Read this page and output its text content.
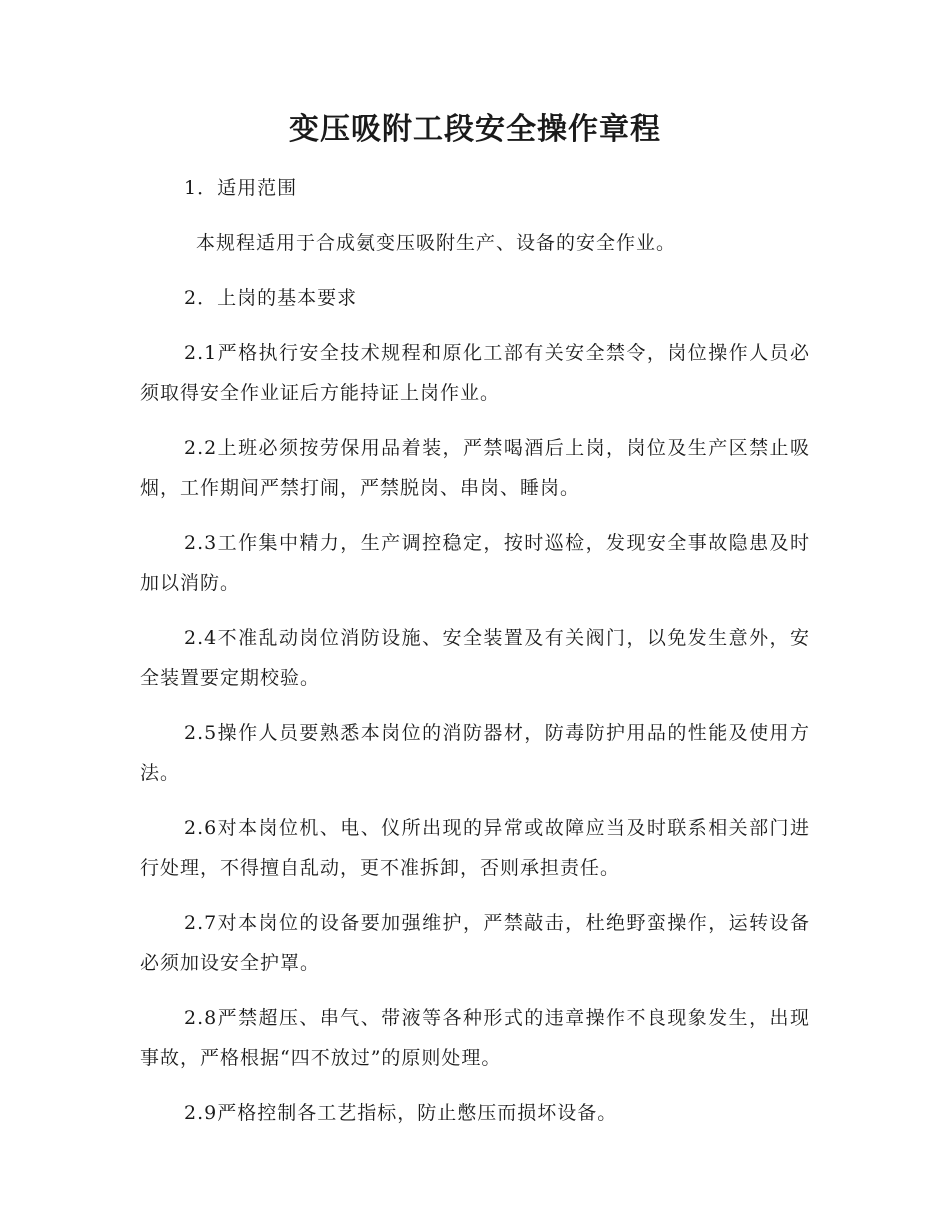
变压吸附工段安全操作章程

1．适用范围

本规程适用于合成氨变压吸附生产、设备的安全作业。

2．上岗的基本要求

2.1严格执行安全技术规程和原化工部有关安全禁令，岗位操作人员必须取得安全作业证后方能持证上岗作业。

2.2上班必须按劳保用品着装，严禁喝酒后上岗，岗位及生产区禁止吸烟，工作期间严禁打闹，严禁脱岗、串岗、睡岗。

2.3工作集中精力，生产调控稳定，按时巡检，发现安全事故隐患及时加以消防。

2.4不准乱动岗位消防设施、安全装置及有关阀门，以免发生意外，安全装置要定期校验。

2.5操作人员要熟悉本岗位的消防器材，防毒防护用品的性能及使用方法。

2.6对本岗位机、电、仪所出现的异常或故障应当及时联系相关部门进行处理，不得擅自乱动，更不准拆卸，否则承担责任。

2.7对本岗位的设备要加强维护，严禁敲击，杜绝野蛮操作，运转设备必须加设安全护罩。

2.8严禁超压、串气、带液等各种形式的违章操作不良现象发生，出现事故，严格根据“四不放过”的原则处理。

2.9严格控制各工艺指标，防止憋压而损坏设备。
